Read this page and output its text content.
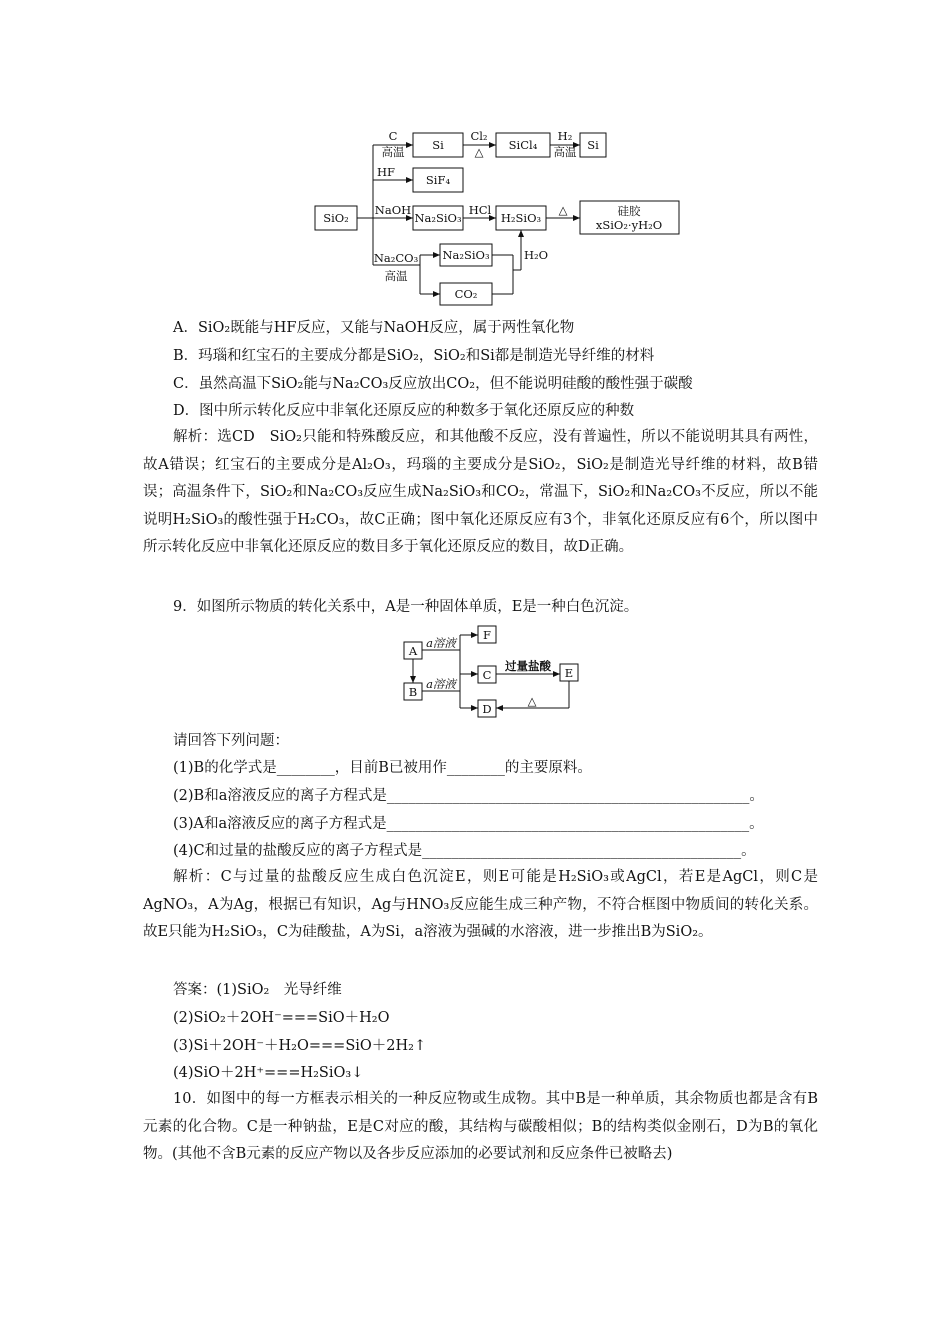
SiO₂
Si	SiCl₄	Si
SiF₄
Na₂SiO₃	H₂SiO₃	硅胶
xSiO₂·yH₂O
Na₂SiO₃
CO₂
C
高温
Cl₂
△
H₂
高温
HF
NaOH	HCl	△
Na₂CO₃
高温
H₂O
A．SiO₂既能与HF反应，又能与NaOH反应，属于两性氧化物
B．玛瑙和红宝石的主要成分都是SiO₂，SiO₂和Si都是制造光导纤维的材料
C．虽然高温下SiO₂能与Na₂CO₃反应放出CO₂，但不能说明硅酸的酸性强于碳酸
D．图中所示转化反应中非氧化还原反应的种数多于氧化还原反应的种数
解析：选CD　SiO₂只能和特殊酸反应，和其他酸不反应，没有普遍性，所以不能说明其具有两性，故A错误；红宝石的主要成分是Al₂O₃，玛瑙的主要成分是SiO₂，SiO₂是制造光导纤维的材料，故B错误；高温条件下，SiO₂和Na₂CO₃反应生成Na₂SiO₃和CO₂，常温下，SiO₂和Na₂CO₃不反应，所以不能说明H₂SiO₃的酸性强于H₂CO₃，故C正确；图中氧化还原反应有3个，非氧化还原反应有6个，所以图中所示转化反应中非氧化还原反应的数目多于氧化还原反应的数目，故D正确。
9．如图所示物质的转化关系中，A是一种固体单质，E是一种白色沉淀。
A
B
F
C
D
E
a溶液
a溶液
过量盐酸
△
请回答下列问题：
(1)B的化学式是________，目前B已被用作________的主要原料。
(2)B和a溶液反应的离子方程式是__________________________________________________。
(3)A和a溶液反应的离子方程式是__________________________________________________。
(4)C和过量的盐酸反应的离子方程式是____________________________________________。
解析：C与过量的盐酸反应生成白色沉淀E，则E可能是H₂SiO₃或AgCl，若E是AgCl，则C是AgNO₃，A为Ag，根据已有知识，Ag与HNO₃反应能生成三种产物，不符合框图中物质间的转化关系。故E只能为H₂SiO₃，C为硅酸盐，A为Si，a溶液为强碱的水溶液，进一步推出B为SiO₂。
答案：(1)SiO₂　光导纤维
(2)SiO₂＋2OH⁻===SiO＋H₂O
(3)Si＋2OH⁻＋H₂O===SiO＋2H₂↑
(4)SiO＋2H⁺===H₂SiO₃↓
10．如图中的每一方框表示相关的一种反应物或生成物。其中B是一种单质，其余物质也都是含有B元素的化合物。C是一种钠盐，E是C对应的酸，其结构与碳酸相似；B的结构类似金刚石，D为B的氧化物。(其他不含B元素的反应产物以及各步反应添加的必要试剂和反应条件已被略去)
